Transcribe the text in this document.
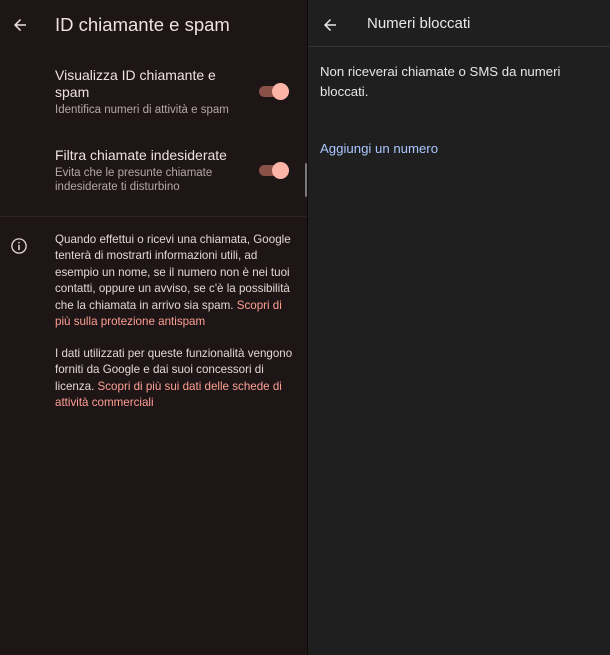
ID chiamante e spam
Visualizza ID chiamante e spam
Identifica numeri di attività e spam
Filtra chiamate indesiderate
Evita che le presunte chiamate indesiderate ti disturbino
Quando effettui o ricevi una chiamata, Google tenterà di mostrarti informazioni utili, ad esempio un nome, se il numero non è nei tuoi contatti, oppure un avviso, se c'è la possibilità che la chiamata in arrivo sia spam. Scopri di più sulla protezione antispam
I dati utilizzati per queste funzionalità vengono forniti da Google e dai suoi concessori di licenza. Scopri di più sui dati delle schede di attività commerciali
Numeri bloccati
Non riceverai chiamate o SMS da numeri bloccati.
Aggiungi un numero
